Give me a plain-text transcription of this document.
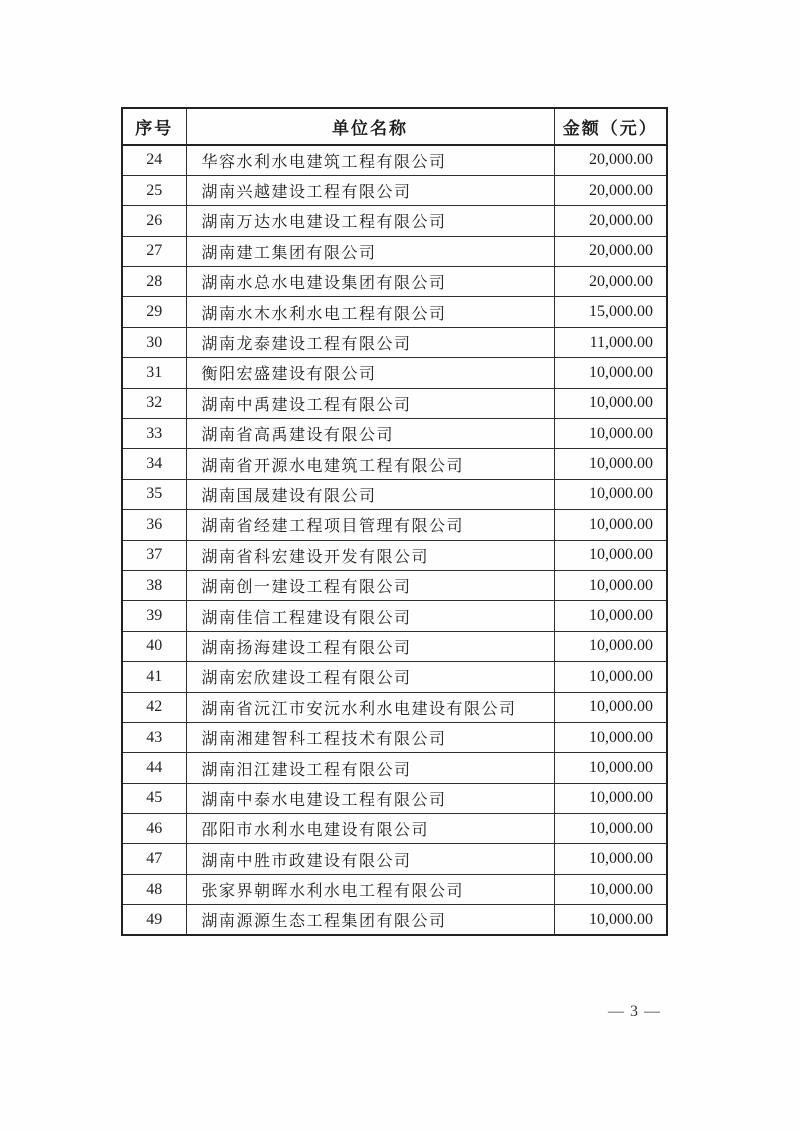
序号	单位名称	金额（元）
24	华容水利水电建筑工程有限公司	20,000.00
25	湖南兴越建设工程有限公司	20,000.00
26	湖南万达水电建设工程有限公司	20,000.00
27	湖南建工集团有限公司	20,000.00
28	湖南水总水电建设集团有限公司	20,000.00
29	湖南水木水利水电工程有限公司	15,000.00
30	湖南龙泰建设工程有限公司	11,000.00
31	衡阳宏盛建设有限公司	10,000.00
32	湖南中禹建设工程有限公司	10,000.00
33	湖南省高禹建设有限公司	10,000.00
34	湖南省开源水电建筑工程有限公司	10,000.00
35	湖南国晟建设有限公司	10,000.00
36	湖南省经建工程项目管理有限公司	10,000.00
37	湖南省科宏建设开发有限公司	10,000.00
38	湖南创一建设工程有限公司	10,000.00
39	湖南佳信工程建设有限公司	10,000.00
40	湖南扬海建设工程有限公司	10,000.00
41	湖南宏欣建设工程有限公司	10,000.00
42	湖南省沅江市安沅水利水电建设有限公司	10,000.00
43	湖南湘建智科工程技术有限公司	10,000.00
44	湖南汨江建设工程有限公司	10,000.00
45	湖南中泰水电建设工程有限公司	10,000.00
46	邵阳市水利水电建设有限公司	10,000.00
47	湖南中胜市政建设有限公司	10,000.00
48	张家界朝晖水利水电工程有限公司	10,000.00
49	湖南源源生态工程集团有限公司	10,000.00
— 3 —
